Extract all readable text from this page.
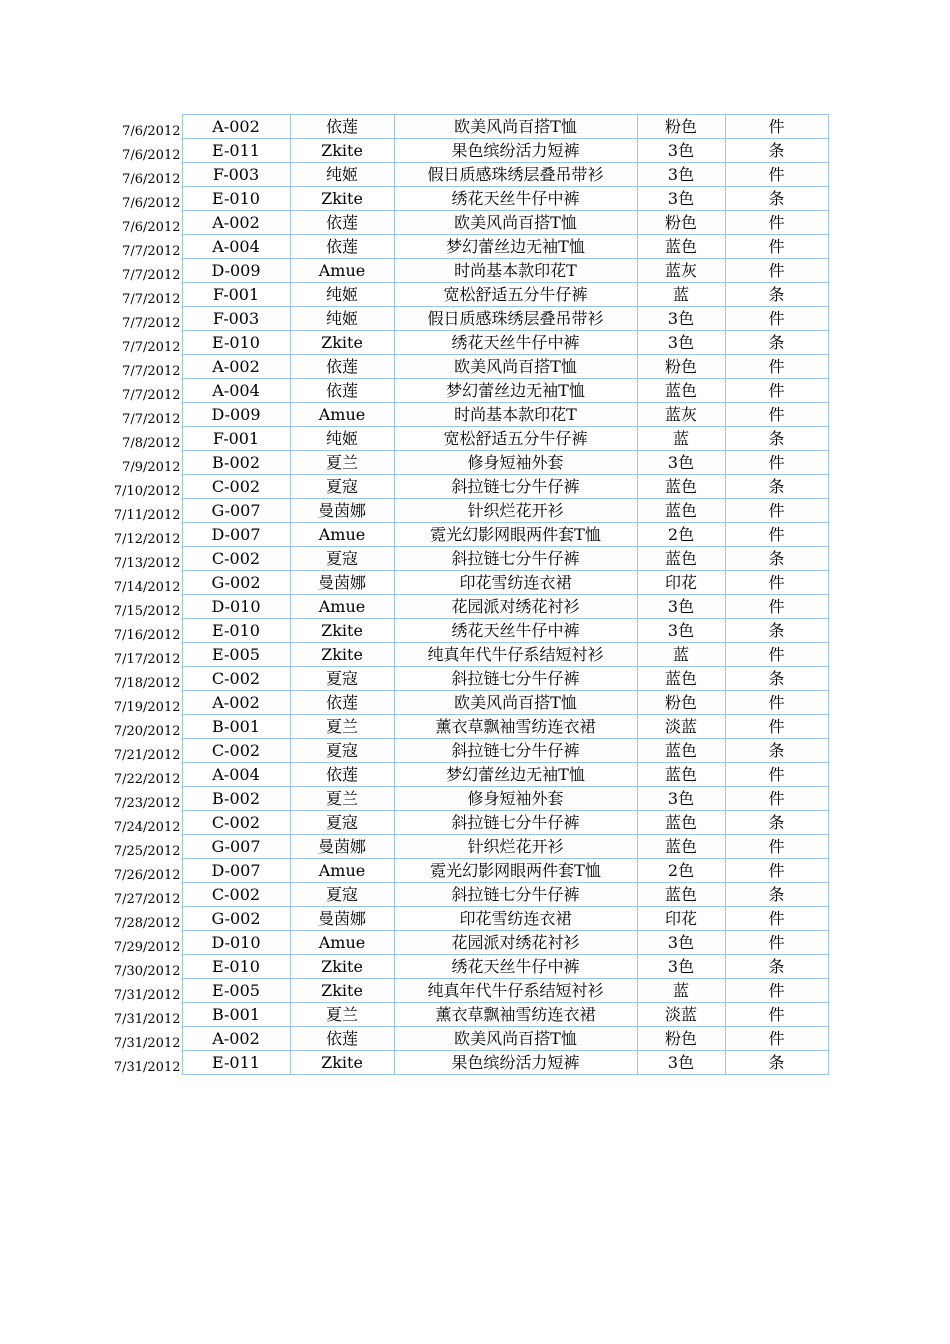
7/6/2012	A-002	依莲	欧美风尚百搭T恤	粉色	件
7/6/2012	E-011	Zkite	果色缤纷活力短裤	3色	条
7/6/2012	F-003	纯姬	假日质感珠绣层叠吊带衫	3色	件
7/6/2012	E-010	Zkite	绣花天丝牛仔中裤	3色	条
7/6/2012	A-002	依莲	欧美风尚百搭T恤	粉色	件
7/7/2012	A-004	依莲	梦幻蕾丝边无袖T恤	蓝色	件
7/7/2012	D-009	Amue	时尚基本款印花T	蓝灰	件
7/7/2012	F-001	纯姬	宽松舒适五分牛仔裤	蓝	条
7/7/2012	F-003	纯姬	假日质感珠绣层叠吊带衫	3色	件
7/7/2012	E-010	Zkite	绣花天丝牛仔中裤	3色	条
7/7/2012	A-002	依莲	欧美风尚百搭T恤	粉色	件
7/7/2012	A-004	依莲	梦幻蕾丝边无袖T恤	蓝色	件
7/7/2012	D-009	Amue	时尚基本款印花T	蓝灰	件
7/8/2012	F-001	纯姬	宽松舒适五分牛仔裤	蓝	条
7/9/2012	B-002	夏兰	修身短袖外套	3色	件
7/10/2012	C-002	夏寇	斜拉链七分牛仔裤	蓝色	条
7/11/2012	G-007	曼茵娜	针织烂花开衫	蓝色	件
7/12/2012	D-007	Amue	霓光幻影网眼两件套T恤	2色	件
7/13/2012	C-002	夏寇	斜拉链七分牛仔裤	蓝色	条
7/14/2012	G-002	曼茵娜	印花雪纺连衣裙	印花	件
7/15/2012	D-010	Amue	花园派对绣花衬衫	3色	件
7/16/2012	E-010	Zkite	绣花天丝牛仔中裤	3色	条
7/17/2012	E-005	Zkite	纯真年代牛仔系结短衬衫	蓝	件
7/18/2012	C-002	夏寇	斜拉链七分牛仔裤	蓝色	条
7/19/2012	A-002	依莲	欧美风尚百搭T恤	粉色	件
7/20/2012	B-001	夏兰	薰衣草飘袖雪纺连衣裙	淡蓝	件
7/21/2012	C-002	夏寇	斜拉链七分牛仔裤	蓝色	条
7/22/2012	A-004	依莲	梦幻蕾丝边无袖T恤	蓝色	件
7/23/2012	B-002	夏兰	修身短袖外套	3色	件
7/24/2012	C-002	夏寇	斜拉链七分牛仔裤	蓝色	条
7/25/2012	G-007	曼茵娜	针织烂花开衫	蓝色	件
7/26/2012	D-007	Amue	霓光幻影网眼两件套T恤	2色	件
7/27/2012	C-002	夏寇	斜拉链七分牛仔裤	蓝色	条
7/28/2012	G-002	曼茵娜	印花雪纺连衣裙	印花	件
7/29/2012	D-010	Amue	花园派对绣花衬衫	3色	件
7/30/2012	E-010	Zkite	绣花天丝牛仔中裤	3色	条
7/31/2012	E-005	Zkite	纯真年代牛仔系结短衬衫	蓝	件
7/31/2012	B-001	夏兰	薰衣草飘袖雪纺连衣裙	淡蓝	件
7/31/2012	A-002	依莲	欧美风尚百搭T恤	粉色	件
7/31/2012	E-011	Zkite	果色缤纷活力短裤	3色	条
